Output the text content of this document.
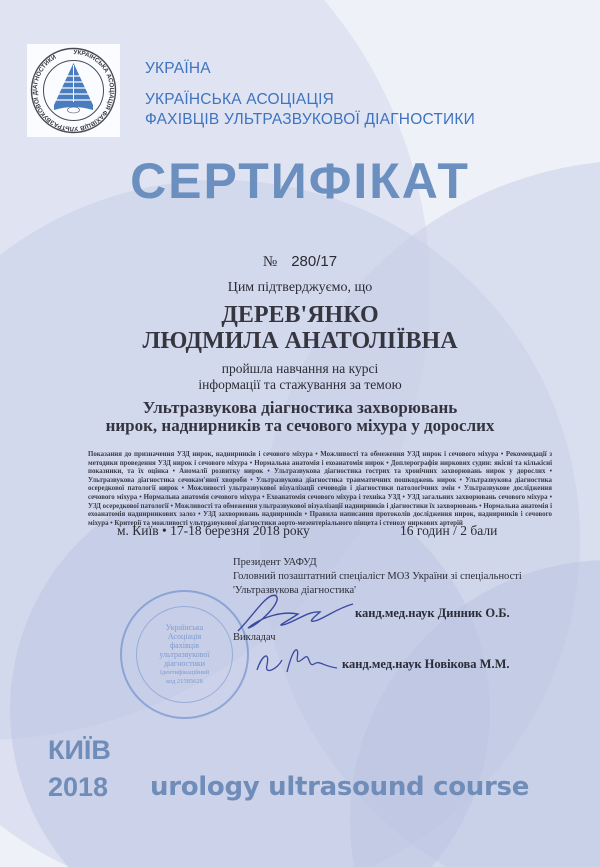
УКРАЇНСЬКА АСОЦІАЦІЯ ФАХІВЦІВ УЛЬТРАЗВУКОВОЇ ДІАГНОСТИКИ
УКРАЇНА
УКРАЇНСЬКА АСОЦІАЦІЯ
ФАХІВЦІВ УЛЬТРАЗВУКОВОЇ ДІАГНОСТИКИ
СЕРТИФІКАТ
№ 280/17
Цим підтверджуємо, що
ДЕРЕВ'ЯНКО
ЛЮДМИЛА АНАТОЛІЇВНА
пройшла навчання на курсі
інформації та стажування за темою
Ультразвукова діагностика захворювань
нирок, наднирників та сечового міхура у дорослих
Показання до призначення УЗД нирок, наднирників і сечового міхура • Можливості та обмеження УЗД нирок і сечового міхура • Рекомендації з методики проведення УЗД нирок і сечового міхура • Нормальна анатомія і ехоанатомія нирок • Доплерографія ниркових судин: якісні та кількісні показники, та їх оцінка • Аномалії розвитку нирок • Ультразвукова діагностика гострих та хронічних захворювань нирок у дорослих • Ультразвукова діагностика сечокам'яної хвороби • Ультразвукова діагностика травматичних пошкоджень нирок • Ультразвукова діагностика осередкової патології нирок • Можливості ультразвукової візуалізації сечоводів і діагностики патологічних змін • Ультразвукове дослідження сечового міхура • Нормальна анатомія сечового міхура • Ехоанатомія сечового міхура і техніка УЗД • УЗД загальних захворювань сечового міхура • УЗД осередкової патології • Можливості та обмеження ультразвукової візуалізації наднирників і діагностики їх захворювань • Нормальна анатомія і ехоанатомія наднирникових залоз • УЗД захворювань наднирників • Правила написання протоколів дослідження нирок, наднирників і сечового міхура • Критерії та можливості ультразвукової діагностики аорто-мезентеріального пінцета і стенозу ниркових артерій
м. Київ • 17-18 березня 2018 року	16 годин / 2 бали
Українська
Асоціація
фахівців
ультразвукової
діагностики
Ідентифікаційний
код 21585628
Президент УАФУД
Головний позаштатний спеціаліст МОЗ України зі спеціальності
'Ультразвукова діагностика'
канд.мед.наук Динник О.Б.
Викладач
канд.мед.наук Новікова М.М.
КИЇВ
2018 urology ultrasound course
